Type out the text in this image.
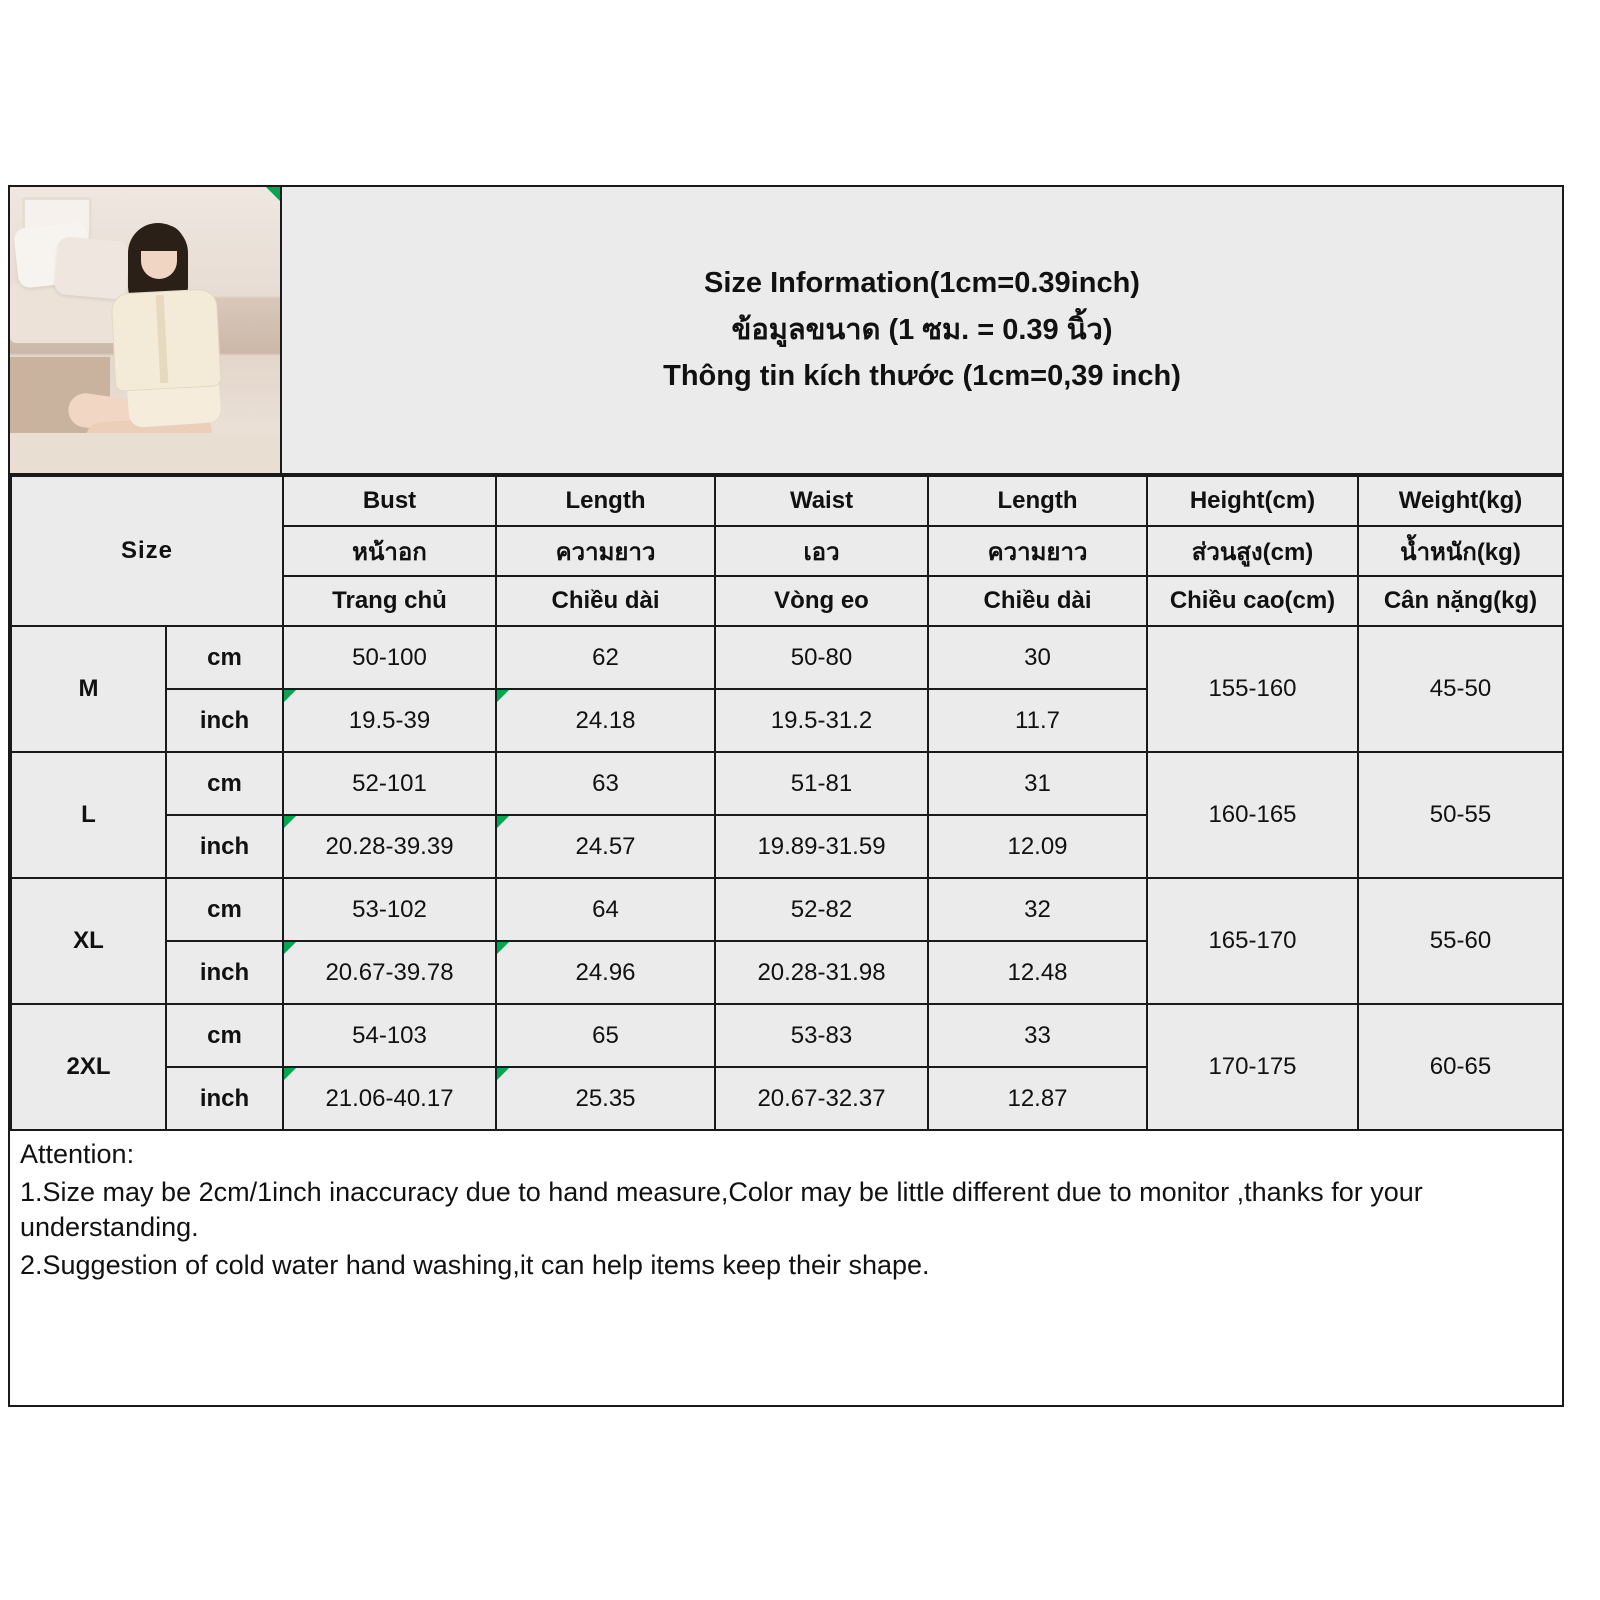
Size Information(1cm=0.39inch)
ข้อมูลขนาด (1 ซม. = 0.39 นิ้ว)
Thông tin kích thước (1cm=0,39 inch)
Size		Bust	Length	Waist	Length	Height(cm)	Weight(kg)
		หน้าอก	ความยาว	เอว	ความยาว	ส่วนสูง(cm)	น้ำหนัก(kg)
		Trang chủ	Chiều dài	Vòng eo	Chiều dài	Chiều cao(cm)	Cân nặng(kg)
M	cm	50-100	62	50-80	30	155-160	45-50
	inch	19.5-39	24.18	19.5-31.2	11.7		
L	cm	52-101	63	51-81	31	160-165	50-55
	inch	20.28-39.39	24.57	19.89-31.59	12.09		
XL	cm	53-102	64	52-82	32	165-170	55-60
	inch	20.67-39.78	24.96	20.28-31.98	12.48		
2XL	cm	54-103	65	53-83	33	170-175	60-65
	inch	21.06-40.17	25.35	20.67-32.37	12.87		

Attention:

1.Size may be 2cm/1inch inaccuracy due to hand measure,Color may be little different due to monitor ,thanks for your understanding.

2.Suggestion of cold water hand washing,it can help items keep their shape.
